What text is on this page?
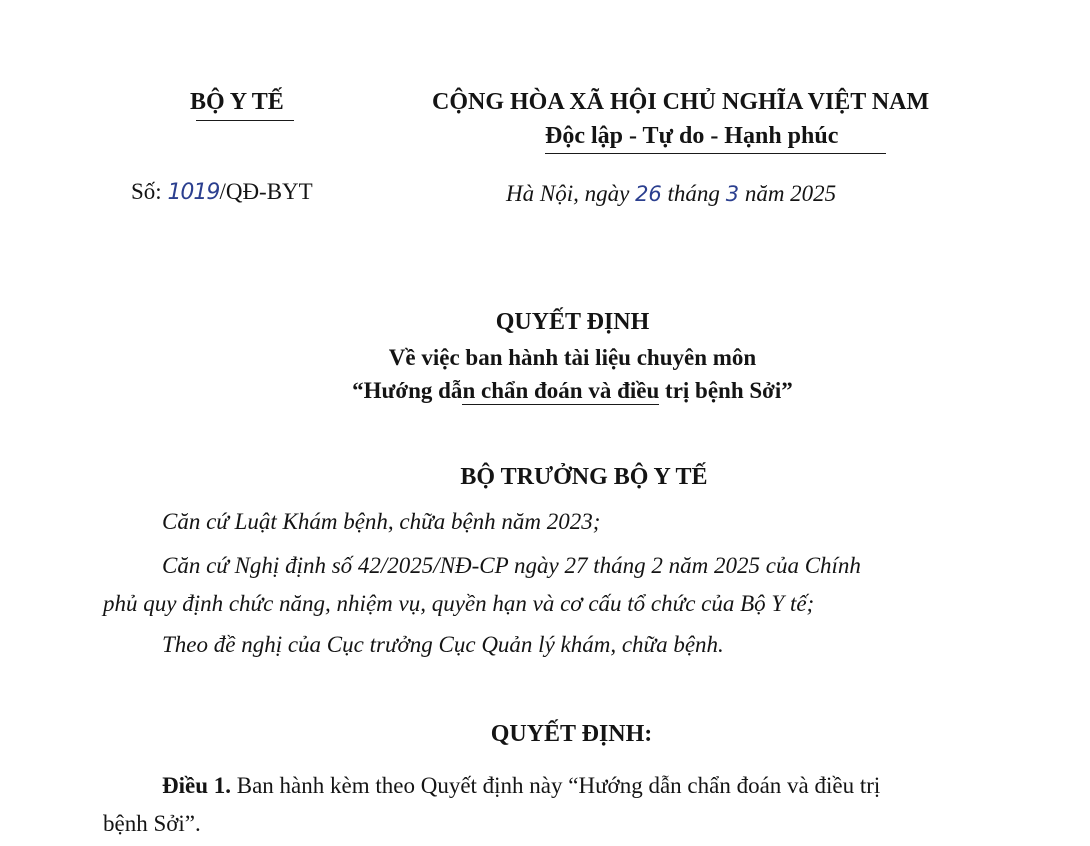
BỘ Y TẾ	CỘNG HÒA XÃ HỘI CHỦ NGHĨA VIỆT NAM
Độc lập - Tự do - Hạnh phúc
Số: 1019/QĐ-BYT	Hà Nội, ngày 26 tháng 3 năm 2025
QUYẾT ĐỊNH
Về việc ban hành tài liệu chuyên môn
“Hướng dẫn chẩn đoán và điều trị bệnh Sởi”
BỘ TRƯỞNG BỘ Y TẾ
Căn cứ Luật Khám bệnh, chữa bệnh năm 2023;
Căn cứ Nghị định số 42/2025/NĐ-CP ngày 27 tháng 2 năm 2025 của Chính
phủ quy định chức năng, nhiệm vụ, quyền hạn và cơ cấu tổ chức của Bộ Y tế;
Theo đề nghị của Cục trưởng Cục Quản lý khám, chữa bệnh.
QUYẾT ĐỊNH:
Điều 1. Ban hành kèm theo Quyết định này “Hướng dẫn chẩn đoán và điều trị
bệnh Sởi”.
